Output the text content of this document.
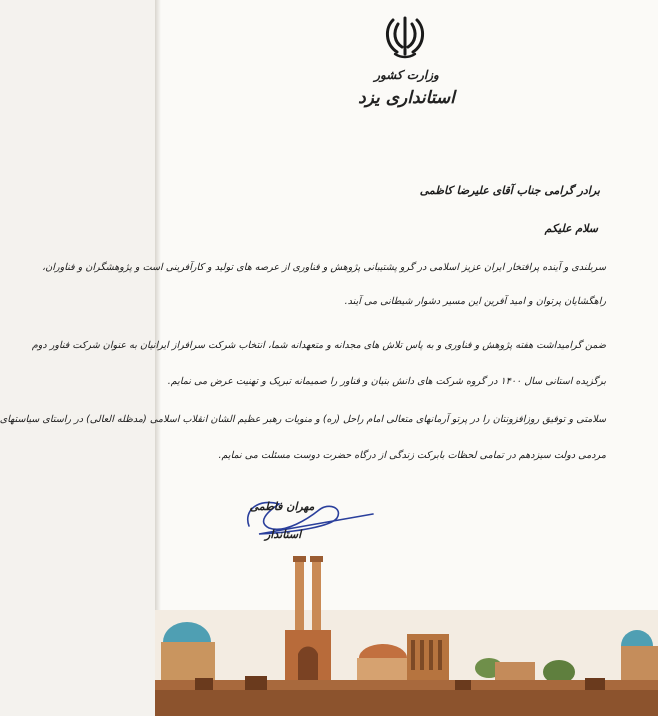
وزارت کشور
استانداری یزد
برادر گرامی جناب آقای علیرضا کاظمی
سلام علیکم
سربلندی و آینده پرافتخار ایران عزیز اسلامی در گرو پشتیبانی پژوهش و فناوری از عرصه های تولید و کارآفرینی است و پژوهشگران و فناوران،
راهگشایان پرتوان و امید آفرین این مسیر دشوار شیطانی می آیند.
ضمن گرامیداشت هفته پژوهش و فناوری و به پاس تلاش های مجدانه و متعهدانه شما، انتخاب شرکت سرافراز ایرانیان به عنوان شرکت فناور دوم
برگزیده استانی سال ۱۴۰۰ در گروه شرکت های دانش بنیان و فناور را صمیمانه تبریک و تهنیت عرض می نمایم.
سلامتی و توفیق روزافزونتان را در پرتو آرمانهای متعالی امام راحل (ره) و منویات رهبر عظیم الشان انقلاب اسلامی (مدظله العالی) در راستای سیاستهای
مردمی دولت سیزدهم در تمامی لحظات بابرکت زندگی از درگاه حضرت دوست مسئلت می نمایم.
مهران فاطمی
استاندار
